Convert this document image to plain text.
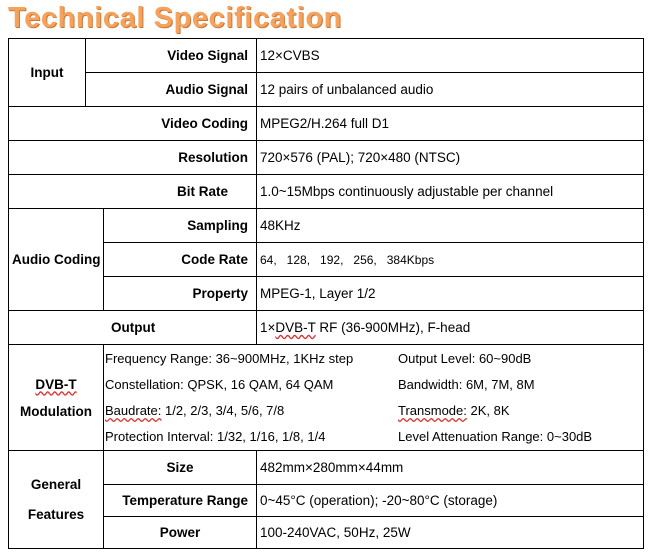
Technical Specification
Input	Video Signal	12×CVBS
Audio Signal	12 pairs of unbalanced audio
Video Coding	MPEG2/H.264 full D1
Resolution	720×576 (PAL); 720×480 (NTSC)
Bit Rate	1.0~15Mbps continuously adjustable per channel
Audio Coding	Sampling	48KHz
Code Rate	64,   128,   192,   256,   384Kbps
Property	MPEG-1, Layer 1/2
Output	1×DVB-T RF (36-900MHz), F-head

DVB-T
Modulation

Frequency Range: 36~900MHz, 1KHz step	Output Level: 60~90dB
Constellation: QPSK, 16 QAM, 64 QAM	Bandwidth: 6M, 7M, 8M
Baudrate: 1/2, 2/3, 3/4, 5/6, 7/8	Transmode: 2K, 8K
Protection Interval: 1/32, 1/16, 1/8, 1/4	Level Attenuation Range: 0~30dB

General
Features
	Size	482mm×280mm×44mm
Temperature Range	0~45°C (operation); -20~80°C (storage)
Power	100-240VAC, 50Hz, 25W
